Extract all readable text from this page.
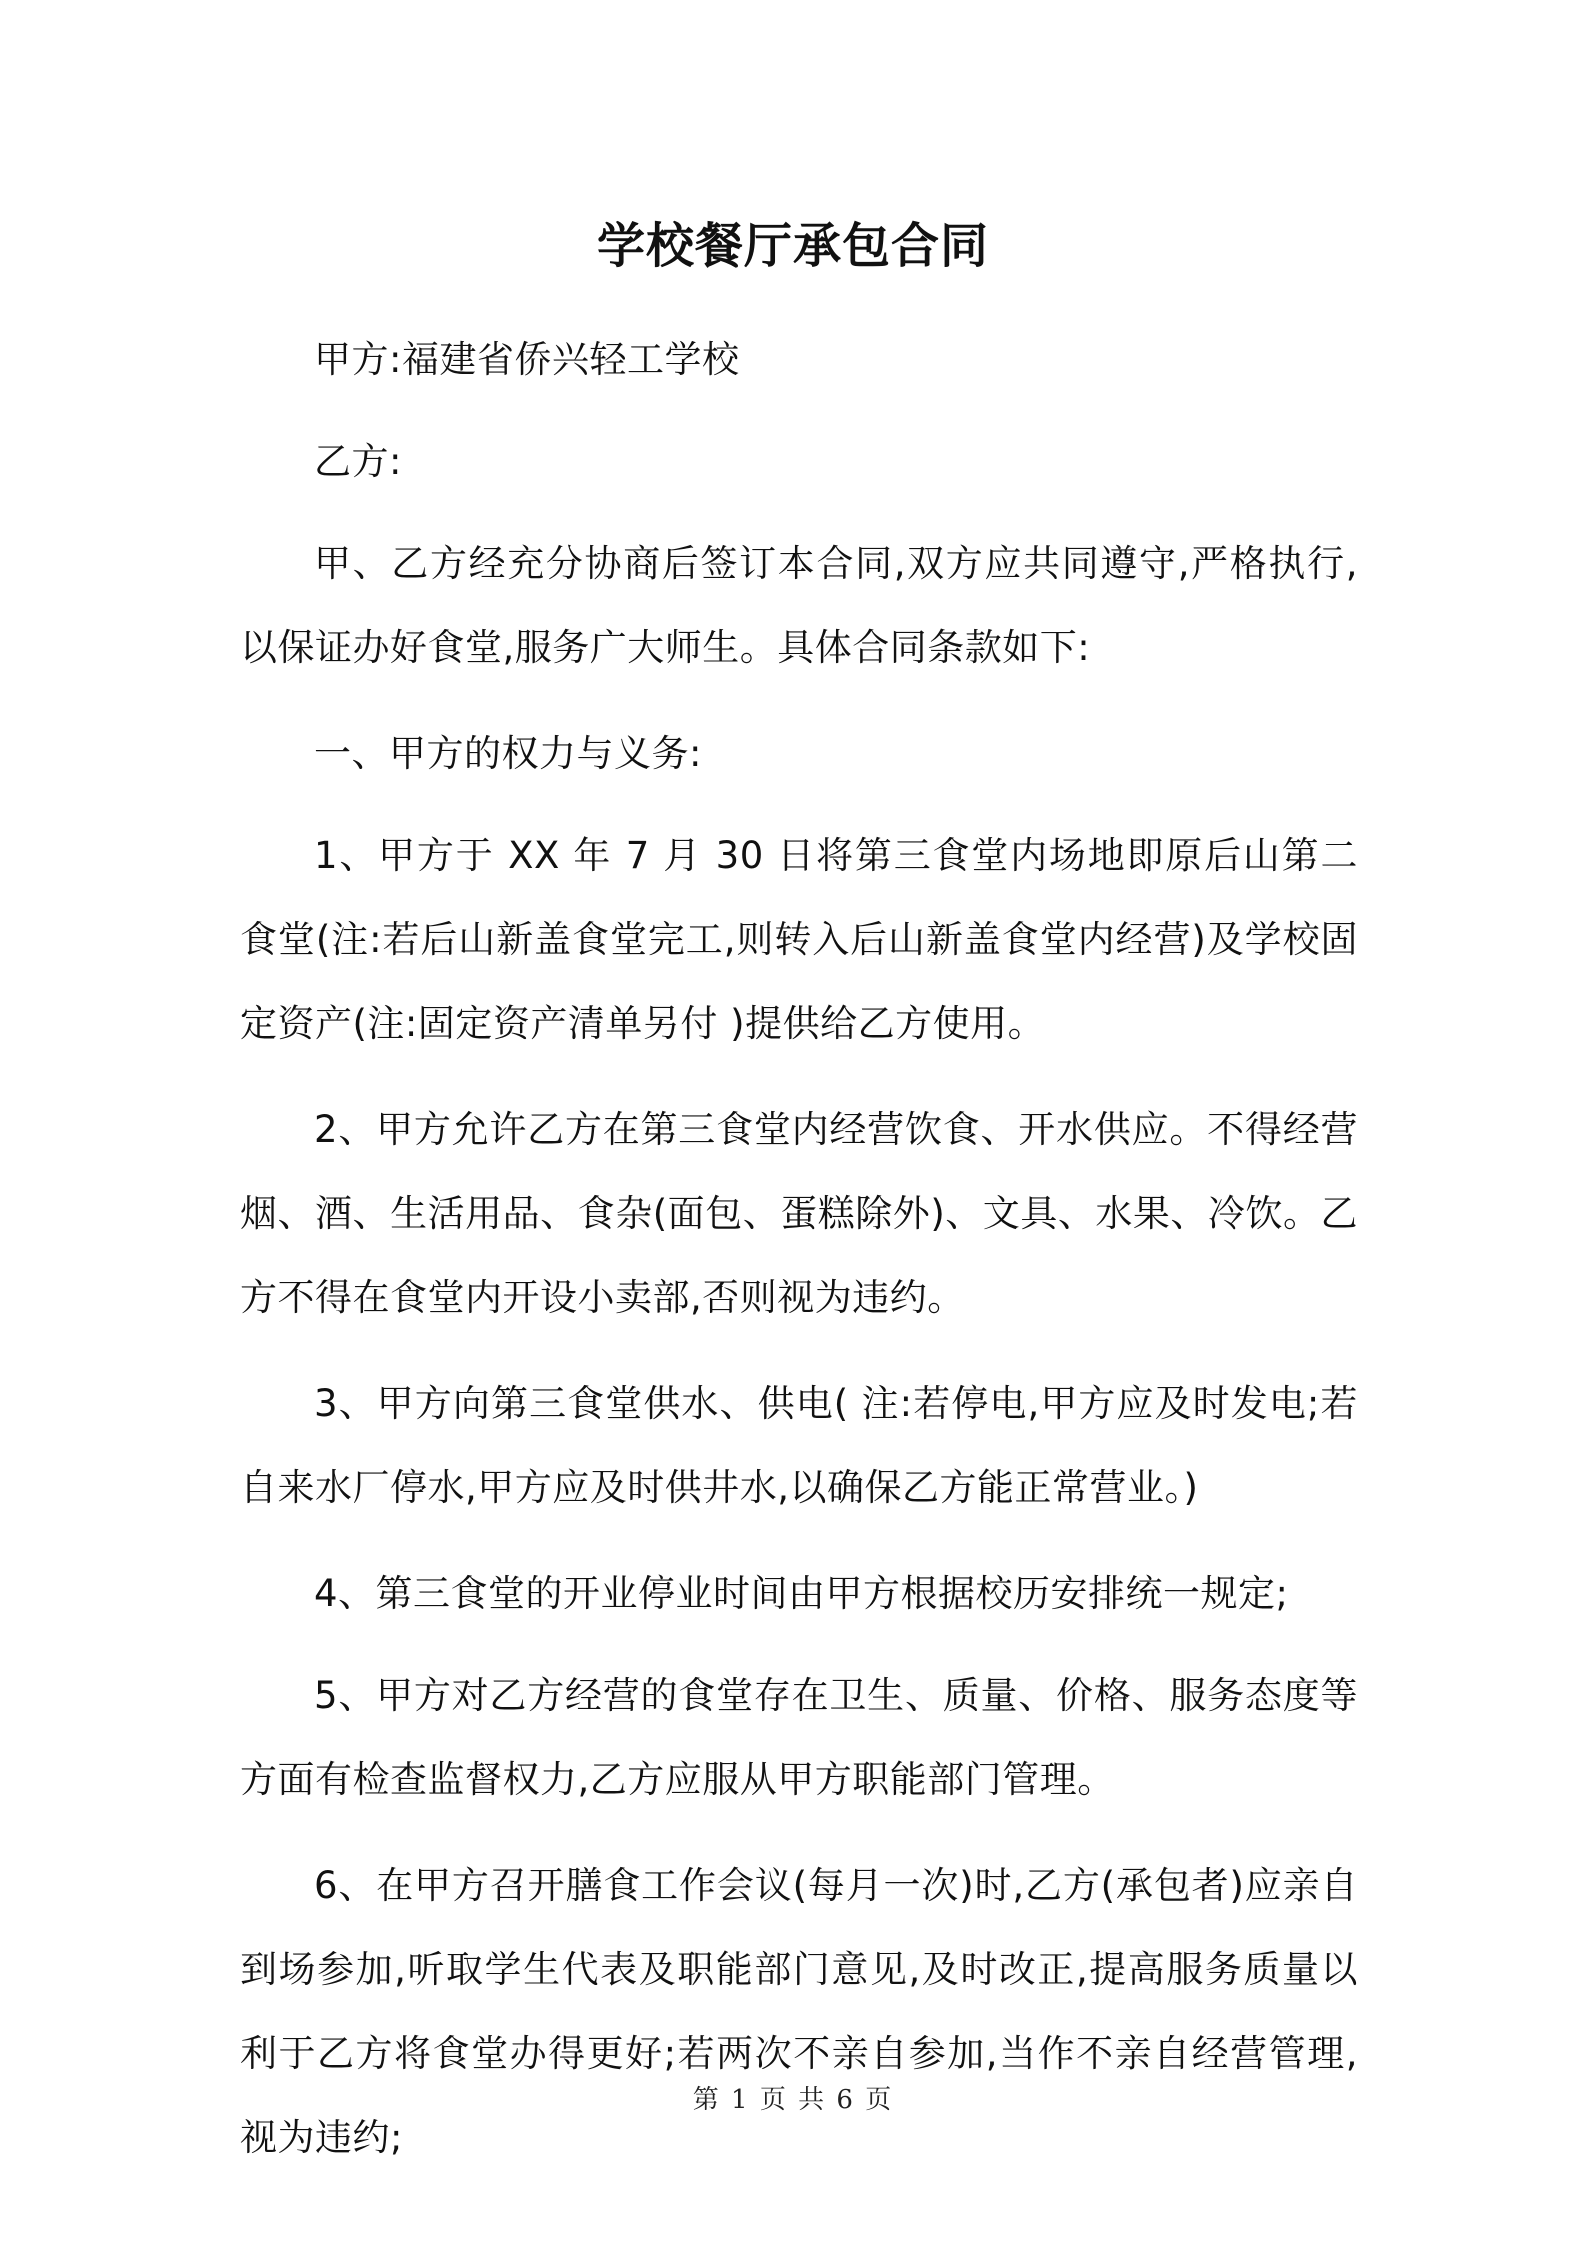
学校餐厅承包合同

甲方:福建省侨兴轻工学校

乙方:

甲、乙方经充分协商后签订本合同,双方应共同遵守,严格执行,以保证办好食堂,服务广大师生。具体合同条款如下:

一、甲方的权力与义务:

1、甲方于 XX 年 7 月 30 日将第三食堂内场地即原后山第二食堂(注:若后山新盖食堂完工,则转入后山新盖食堂内经营)及学校固定资产(注:固定资产清单另付 )提供给乙方使用。

2、甲方允许乙方在第三食堂内经营饮食、开水供应。不得经营烟、酒、生活用品、食杂(面包、蛋糕除外)、文具、水果、冷饮。乙方不得在食堂内开设小卖部,否则视为违约。

3、甲方向第三食堂供水、供电( 注:若停电,甲方应及时发电;若自来水厂停水,甲方应及时供井水,以确保乙方能正常营业。)

4、第三食堂的开业停业时间由甲方根据校历安排统一规定;

5、甲方对乙方经营的食堂存在卫生、质量、价格、服务态度等方面有检查监督权力,乙方应服从甲方职能部门管理。

6、在甲方召开膳食工作会议(每月一次)时,乙方(承包者)应亲自到场参加,听取学生代表及职能部门意见,及时改正,提高服务质量以利于乙方将食堂办得更好;若两次不亲自参加,当作不亲自经营管理,视为违约;

第 1 页 共 6 页
